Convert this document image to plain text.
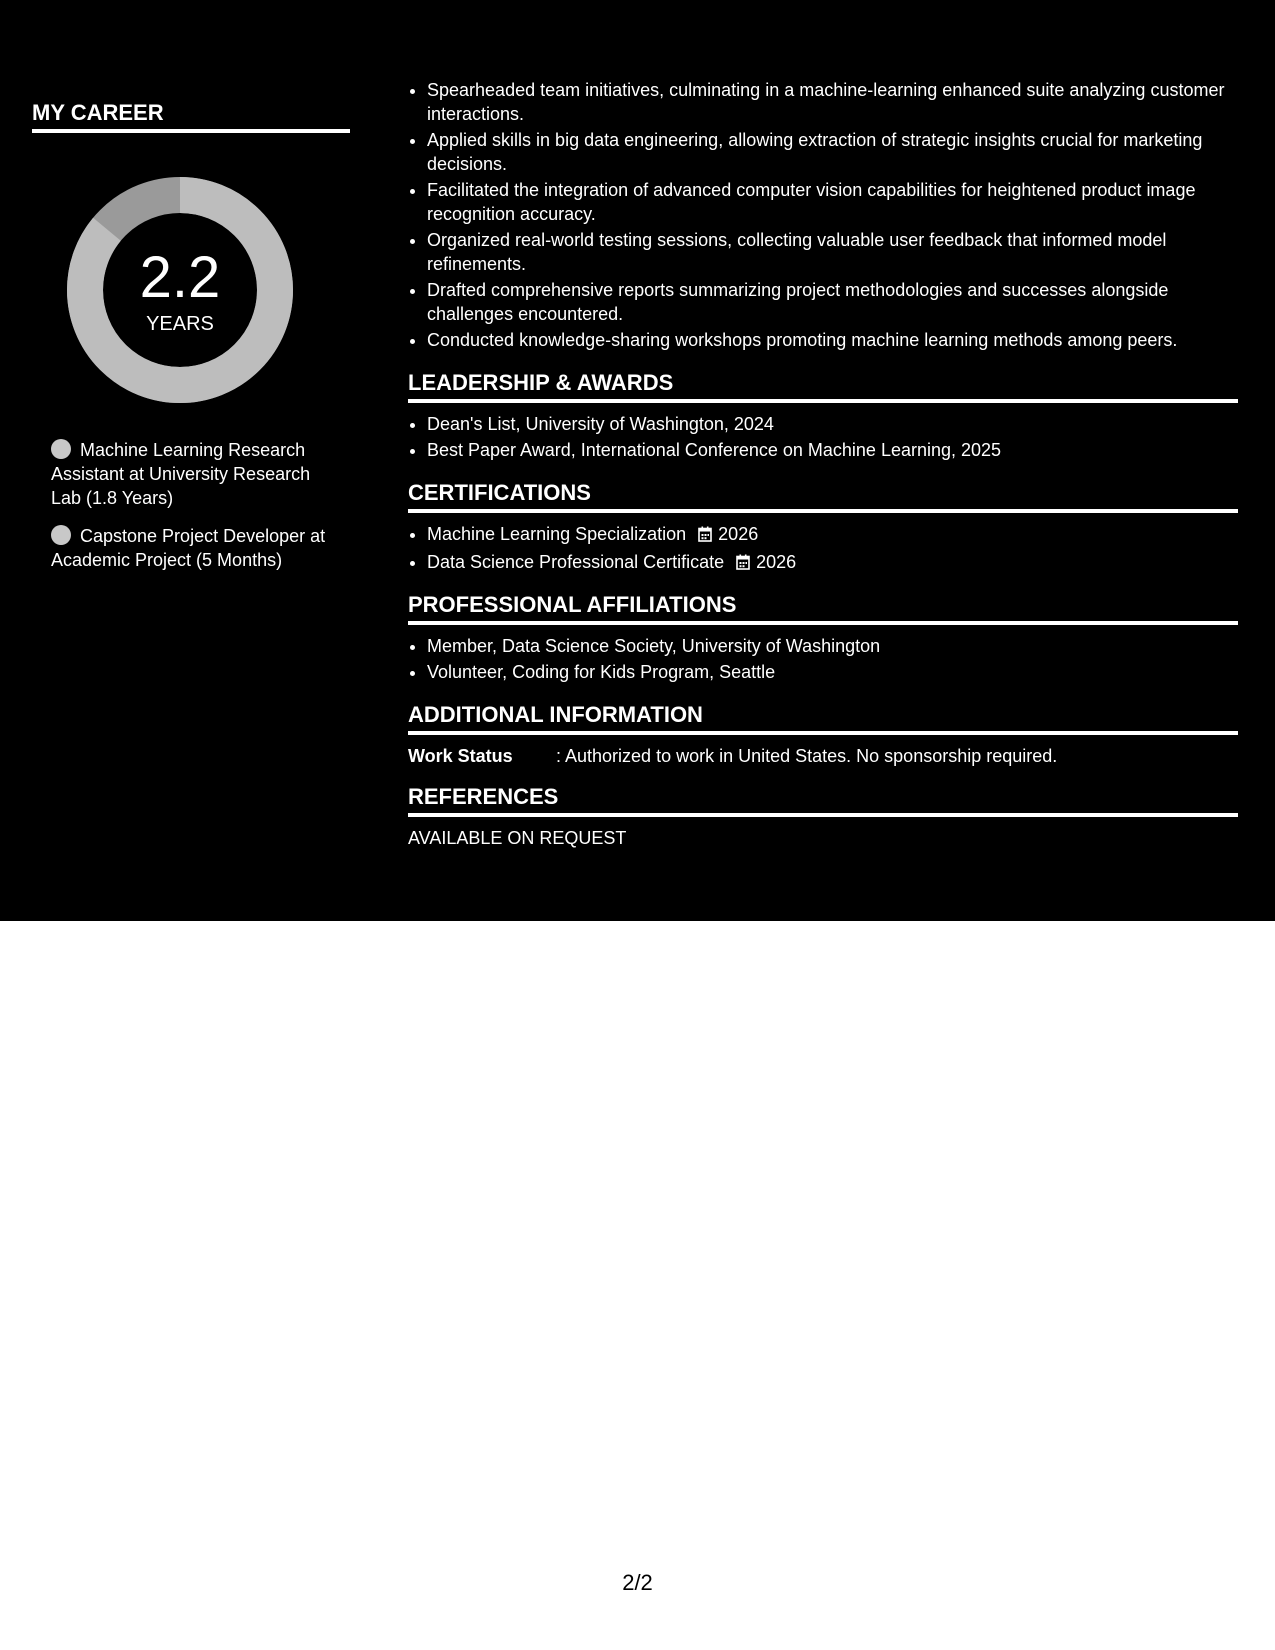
MY CAREER
2.2
YEARS
Machine Learning Research Assistant at University Research Lab (1.8 Years)
Capstone Project Developer at Academic Project (5 Months)
• Spearheaded team initiatives, culminating in a machine-learning enhanced suite analyzing customer interactions.
• Applied skills in big data engineering, allowing extraction of strategic insights crucial for marketing decisions.
• Facilitated the integration of advanced computer vision capabilities for heightened product image recognition accuracy.
• Organized real-world testing sessions, collecting valuable user feedback that informed model refinements.
• Drafted comprehensive reports summarizing project methodologies and successes alongside challenges encountered.
• Conducted knowledge-sharing workshops promoting machine learning methods among peers.
LEADERSHIP & AWARDS
• Dean's List, University of Washington, 2024
• Best Paper Award, International Conference on Machine Learning, 2025
CERTIFICATIONS
• Machine Learning Specialization 2026
• Data Science Professional Certificate 2026
PROFESSIONAL AFFILIATIONS
• Member, Data Science Society, University of Washington
• Volunteer, Coding for Kids Program, Seattle
ADDITIONAL INFORMATION
Work Status : Authorized to work in United States. No sponsorship required.
REFERENCES
AVAILABLE ON REQUEST
2/2
